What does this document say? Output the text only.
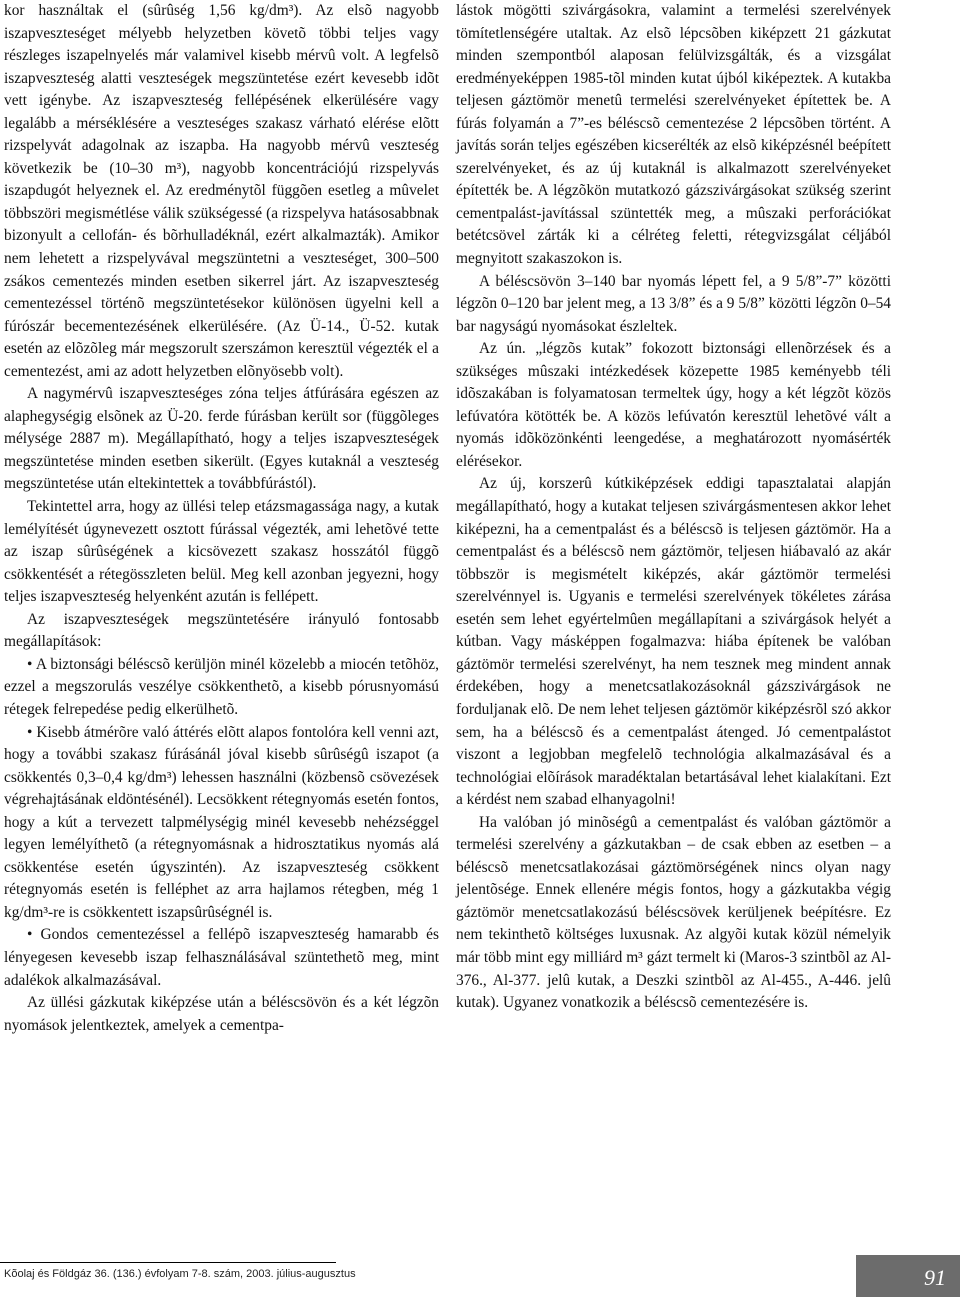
kor használtak el (sûrûség 1,56 kg/dm³). Az elsõ nagyobb iszapveszteséget mélyebb helyzetben követõ többi teljes vagy részleges iszapelnyelés már valamivel kisebb mérvû volt. A legfelsõ iszapveszteség alatti veszteségek megszüntetése ezért kevesebb idõt vett igénybe. Az iszapveszteség fellépésének elkerülésére vagy legalább a mérséklésére a veszteséges szakasz várható elérése elõtt rizspelyvát adagolnak az iszapba. Ha nagyobb mérvû veszteség következik be (10–30 m³), nagyobb koncentrációjú rizspelyvás iszapdugót helyeznek el. Az eredménytõl függõen esetleg a mûvelet többszöri megismétlése válik szükségessé (a rizspelyva hatásosabbnak bizonyult a cellofán- és bõrhulladéknál, ezért alkalmazták). Amikor nem lehetett a rizspelyvával megszüntetni a veszteséget, 300–500 zsákos cementezés minden esetben sikerrel járt. Az iszapveszteség cementezéssel történõ megszüntetésekor különösen ügyelni kell a fúrószár becementezésének elkerülésére. (Az Ü-14., Ü-52. kutak esetén az elõzõleg már megszorult szerszámon keresztül végezték el a cementezést, ami az adott helyzetben elõnyösebb volt).

A nagymérvû iszapveszteséges zóna teljes átfúrására egészen az alaphegységig elsõnek az Ü-20. ferde fúrásban került sor (függõleges mélysége 2887 m). Megállapítható, hogy a teljes iszapveszteségek megszüntetése minden esetben sikerült. (Egyes kutaknál a veszteség megszüntetése után eltekintettek a továbbfúrástól).

Tekintettel arra, hogy az üllési telep etázsmagassága nagy, a kutak lemélyítését úgynevezett osztott fúrással végezték, ami lehetõvé tette az iszap sûrûségének a kicsövezett szakasz hosszától függõ csökkentését a rétegösszleten belül. Meg kell azonban jegyezni, hogy teljes iszapveszteség helyenként azután is fellépett.

Az iszapveszteségek megszüntetésére irányuló fontosabb megállapítások:

• A biztonsági béléscsõ kerüljön minél közelebb a miocén tetõhöz, ezzel a megszorulás veszélye csökkenthetõ, a kisebb pórusnyomású rétegek felrepedése pedig elkerülhetõ.

• Kisebb átmérõre való áttérés elõtt alapos fontolóra kell venni azt, hogy a további szakasz fúrásánál jóval kisebb sûrûségû iszapot (a csökkentés 0,3–0,4 kg/dm³) lehessen használni (közbensõ csövezések végrehajtásának eldöntésénél). Lecsökkent rétegnyomás esetén fontos, hogy a kút a tervezett talpmélységig minél kevesebb nehézséggel legyen lemélyíthetõ (a rétegnyomásnak a hidrosztatikus nyomás alá csökkentése esetén úgyszintén). Az iszapveszteség csökkent rétegnyomás esetén is felléphet az arra hajlamos rétegben, még 1 kg/dm³-re is csökkentett iszapsûrûségnél is.

• Gondos cementezéssel a fellépõ iszapveszteség hamarabb és lényegesen kevesebb iszap felhasználásával szüntethetõ meg, mint adalékok alkalmazásával.

Az üllési gázkutak kiképzése után a béléscsövön és a két légzõn nyomások jelentkeztek, amelyek a cementpa-

lástok mögötti szivárgásokra, valamint a termelési szerelvények tömítetlenségére utaltak. Az elsõ lépcsõben kiképzett 21 gázkutat minden szempontból alaposan felülvizsgálták, és a vizsgálat eredményeképpen 1985-tõl minden kutat újból kiképeztek. A kutakba teljesen gáztömör menetû termelési szerelvényeket építettek be. A fúrás folyamán a 7”-es béléscsõ cementezése 2 lépcsõben történt. A javítás során teljes egészében kicserélték az elsõ kiképzésnél beépített szerelvényeket, és az új kutaknál is alkalmazott szerelvényeket építették be. A légzõkön mutatkozó gázszivárgásokat szükség szerint cementpalást-javítással szüntették meg, a mûszaki perforációkat betétcsövel zárták ki a célréteg feletti, rétegvizsgálat céljából megnyitott szakaszokon is.

A béléscsövön 3–140 bar nyomás lépett fel, a 9 5/8”-7” közötti légzõn 0–120 bar jelent meg, a 13 3/8” és a 9 5/8” közötti légzõn 0–54 bar nagyságú nyomásokat észleltek.

Az ún. „légzõs kutak” fokozott biztonsági ellenõrzések és a szükséges mûszaki intézkedések közepette 1985 keményebb téli idõszakában is folyamatosan termeltek úgy, hogy a két légzõt közös lefúvatóra kötötték be. A közös lefúvatón keresztül lehetõvé vált a nyomás idõközönkénti leengedése, a meghatározott nyomásérték elérésekor.

Az új, korszerû kútkiképzések eddigi tapasztalatai alapján megállapítható, hogy a kutakat teljesen szivárgásmentesen akkor lehet kiképezni, ha a cementpalást és a béléscsõ is teljesen gáztömör. Ha a cementpalást és a béléscsõ nem gáztömör, teljesen hiábavaló az akár többször is megismételt kiképzés, akár gáztömör termelési szerelvénnyel is. Ugyanis e termelési szerelvények tökéletes zárása esetén sem lehet egyértelmûen megállapítani a szivárgások helyét a kútban. Vagy másképpen fogalmazva: hiába építenek be valóban gáztömör termelési szerelvényt, ha nem tesznek meg mindent annak érdekében, hogy a menetcsatlakozásoknál gázszivárgások ne forduljanak elõ. De nem lehet teljesen gáztömör kiképzésrõl szó akkor sem, ha a béléscsõ és a cementpalást átenged. Jó cementpalástot viszont a legjobban megfelelõ technológia alkalmazásával és a technológiai elõírások maradéktalan betartásával lehet kialakítani. Ezt a kérdést nem szabad elhanyagolni!

Ha valóban jó minõségû a cementpalást és valóban gáztömör a termelési szerelvény a gázkutakban – de csak ebben az esetben – a béléscsõ menetcsatlakozásai gáztömörségének nincs olyan nagy jelentõsége. Ennek ellenére mégis fontos, hogy a gázkutakba végig gáztömör menetcsatlakozású béléscsövek kerüljenek beépítésre. Ez nem tekinthetõ költséges luxusnak. Az algyõi kutak közül némelyik már több mint egy milliárd m³ gázt termelt ki (Maros-3 szintbõl az Al-376., Al-377. jelû kutak, a Deszki szintbõl az Al-455., A-446. jelû kutak). Ugyanez vonatkozik a béléscsõ cementezésére is.

Kõolaj és Földgáz 36. (136.) évfolyam 7-8. szám, 2003. július-augusztus	91
